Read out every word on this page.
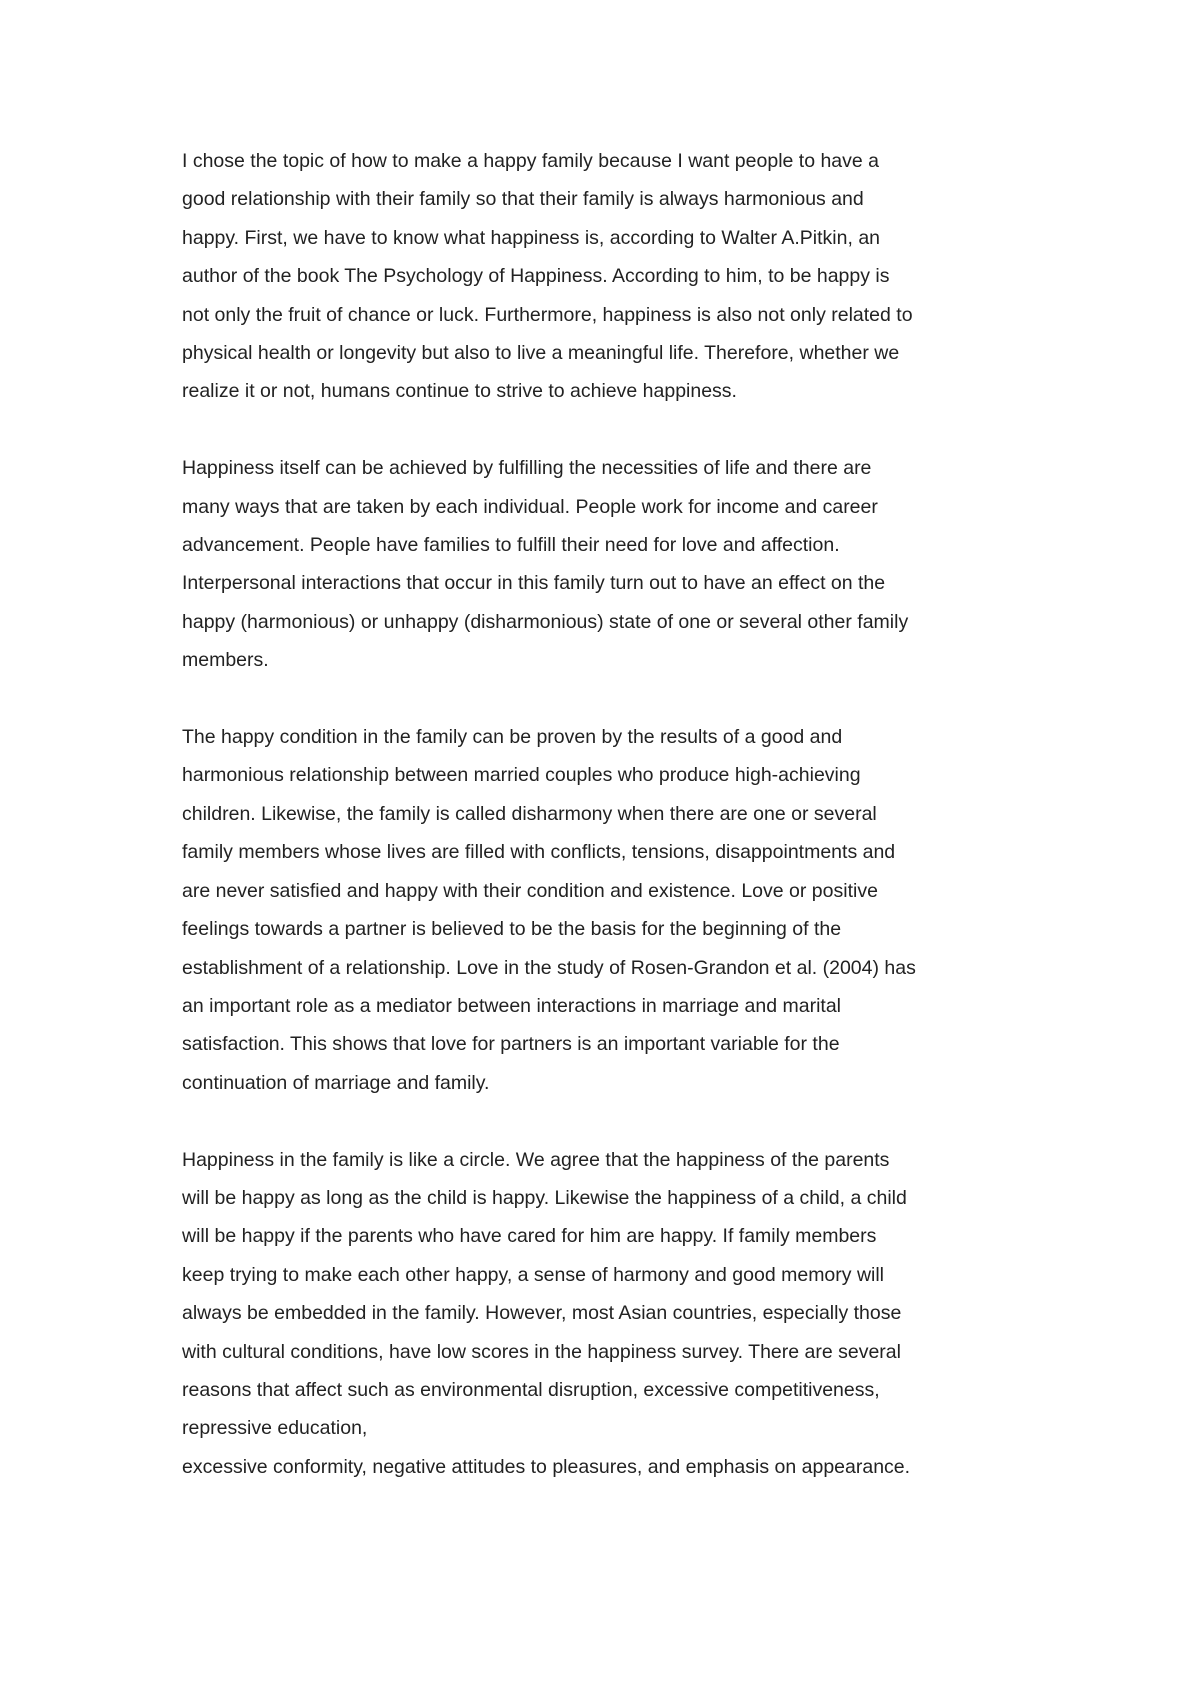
I chose the topic of how to make a happy family because I want people to have a
good relationship with their family so that their family is always harmonious and
happy. First, we have to know what happiness is, according to Walter A.Pitkin, an
author of the book The Psychology of Happiness. According to him, to be happy is
not only the fruit of chance or luck. Furthermore, happiness is also not only related to
physical health or longevity but also to live a meaningful life. Therefore, whether we
realize it or not, humans continue to strive to achieve happiness.

Happiness itself can be achieved by fulfilling the necessities of life and there are
many ways that are taken by each individual. People work for income and career
advancement. People have families to fulfill their need for love and affection.
Interpersonal interactions that occur in this family turn out to have an effect on the
happy (harmonious) or unhappy (disharmonious) state of one or several other family
members.

The happy condition in the family can be proven by the results of a good and
harmonious relationship between married couples who produce high-achieving
children. Likewise, the family is called disharmony when there are one or several
family members whose lives are filled with conflicts, tensions, disappointments and
are never satisfied and happy with their condition and existence. Love or positive
feelings towards a partner is believed to be the basis for the beginning of the
establishment of a relationship. Love in the study of Rosen-Grandon et al. (2004) has
an important role as a mediator between interactions in marriage and marital
satisfaction. This shows that love for partners is an important variable for the
continuation of marriage and family.

Happiness in the family is like a circle. We agree that the happiness of the parents
will be happy as long as the child is happy. Likewise the happiness of a child, a child
will be happy if the parents who have cared for him are happy. If family members
keep trying to make each other happy, a sense of harmony and good memory will
always be embedded in the family. However, most Asian countries, especially those
with cultural conditions, have low scores in the happiness survey. There are several
reasons that affect such as environmental disruption, excessive competitiveness,
repressive education,
excessive conformity, negative attitudes to pleasures, and emphasis on appearance.
